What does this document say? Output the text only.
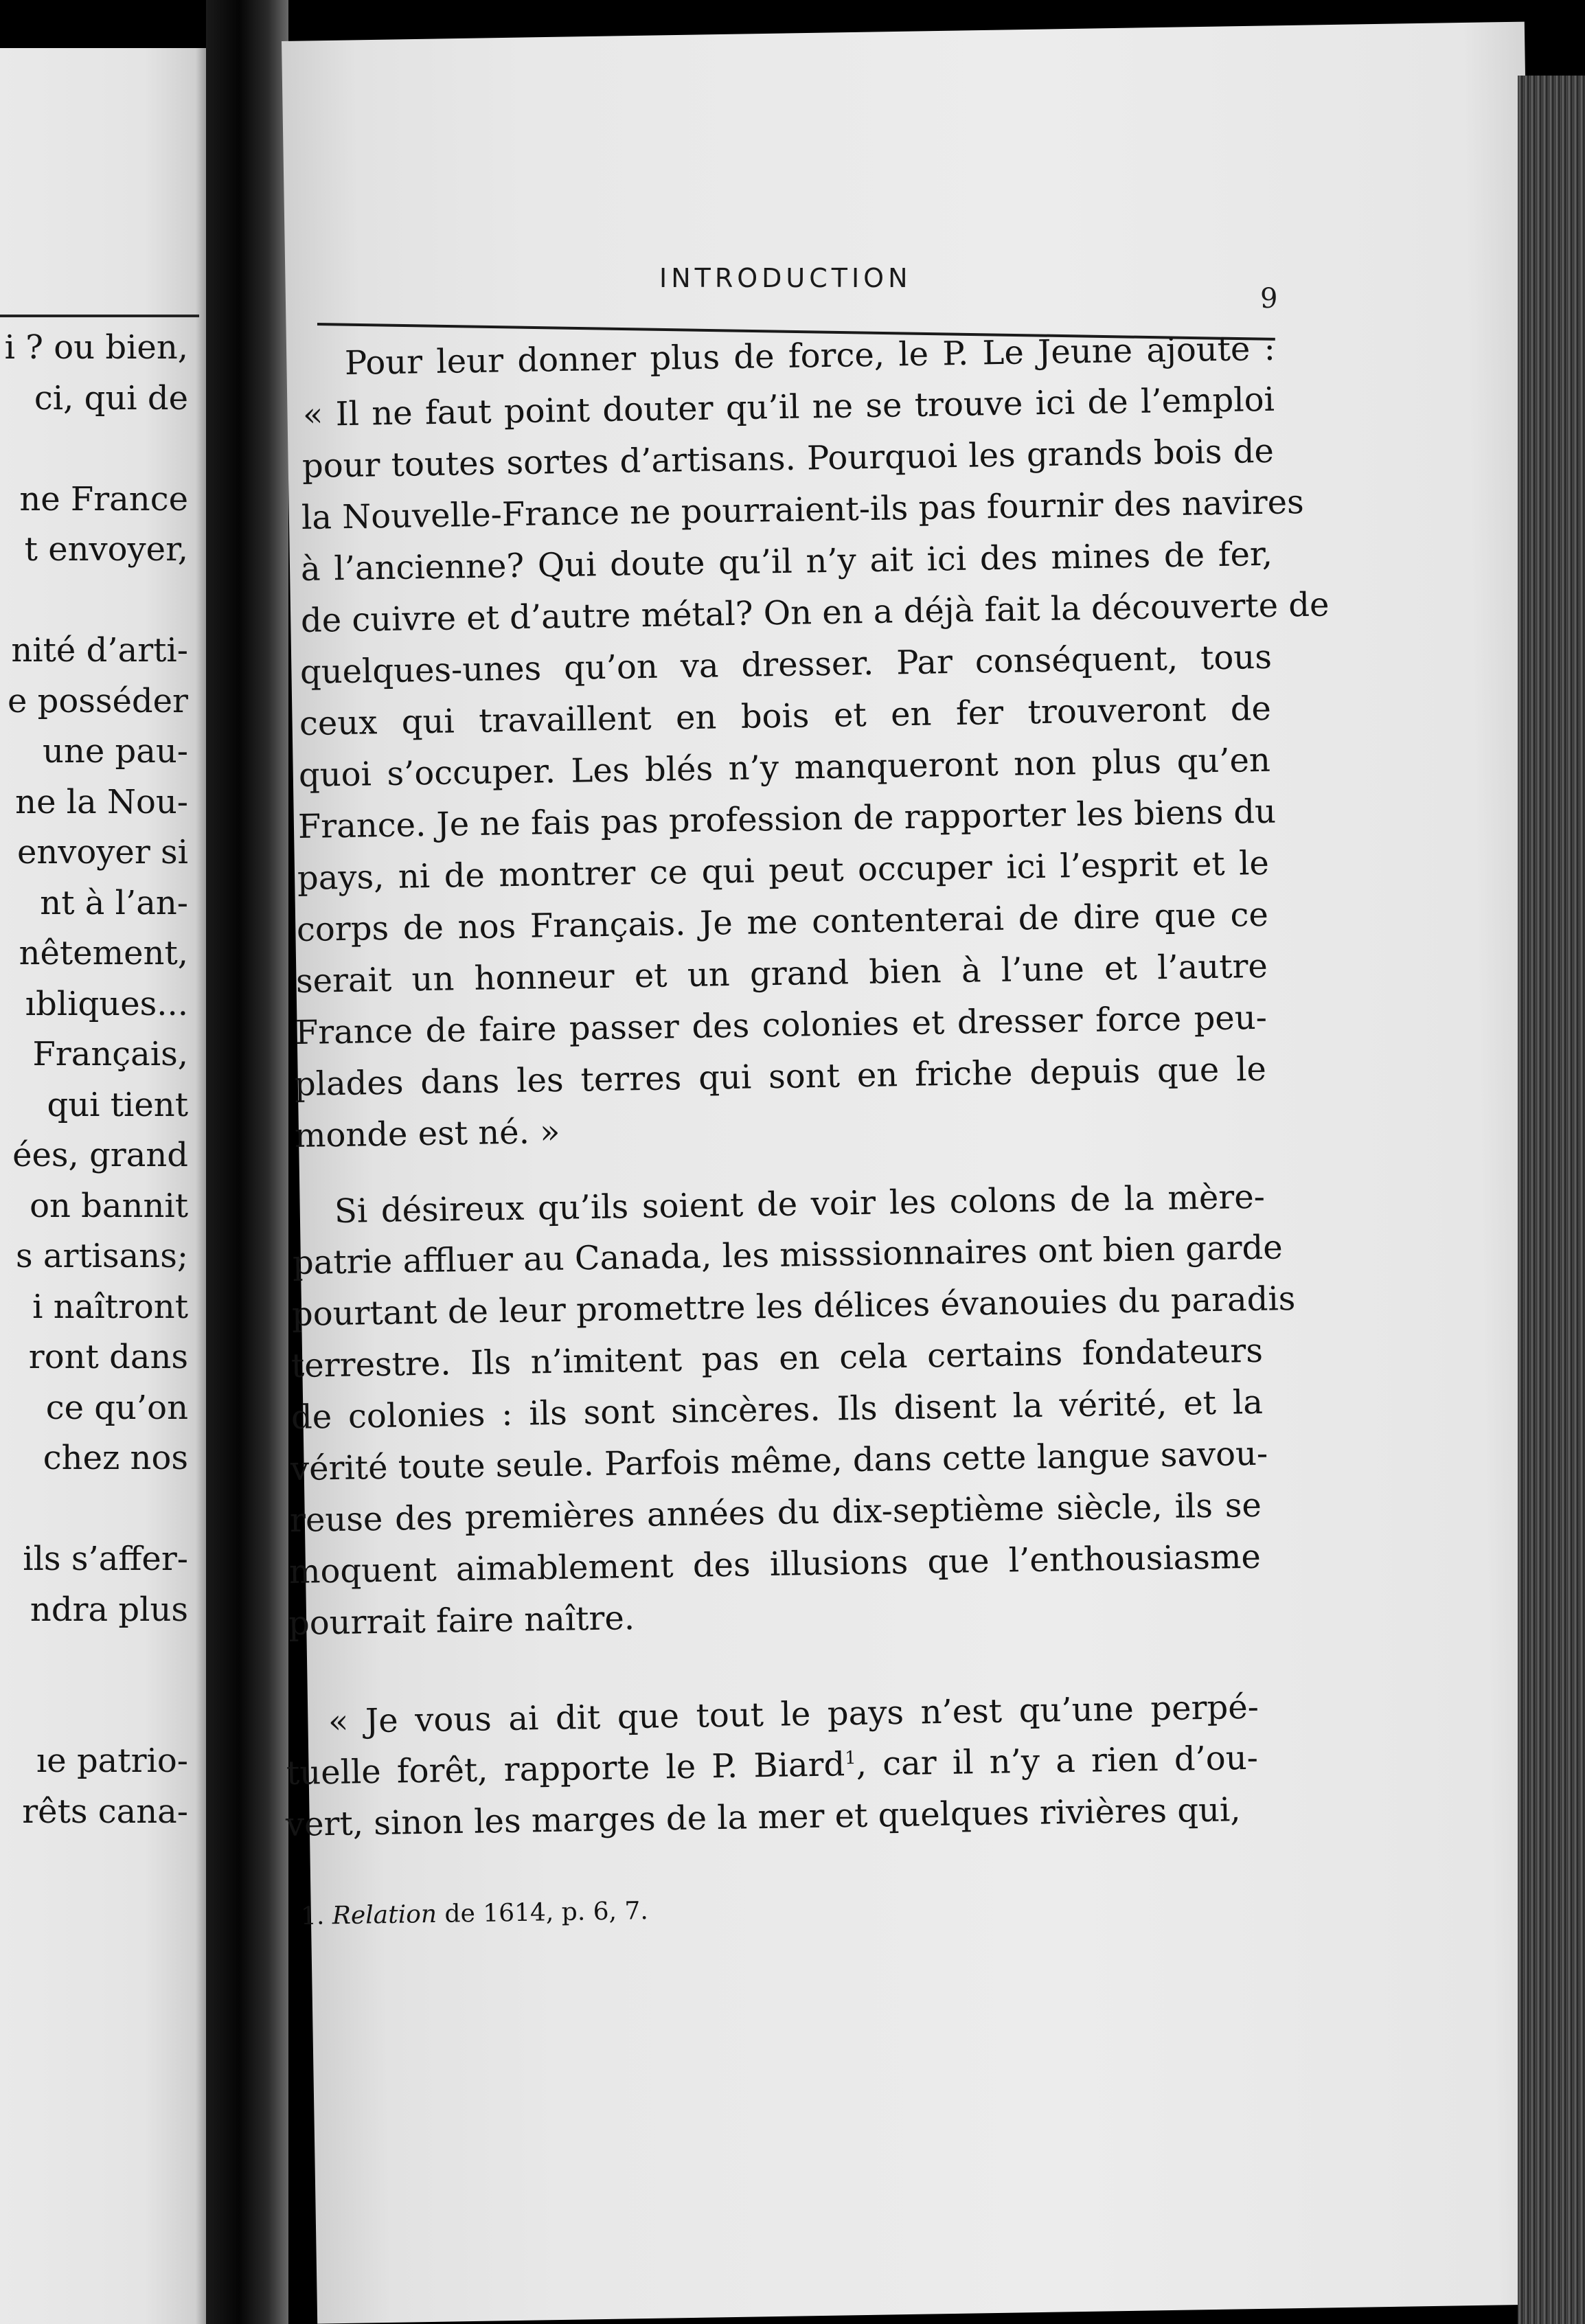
i ? ou bien,
ci, qui de
ne France
t envoyer,
nité d’arti-
e posséder
une pau-
ne la Nou-
envoyer si
nt à l’an-
nêtement,
ıbliques...
Français,
qui tient
ées, grand
on bannit
s artisans;
i naîtront
ront dans
ce qu’on
chez nos
ils s’affer-
ndra plus
ıe patrio-
rêts cana-
INTRODUCTION
9
Pour leur donner plus de force, le P. Le Jeune ajoute :
« Il ne faut point douter qu’il ne se trouve ici de l’emploi
pour toutes sortes d’artisans. Pourquoi les grands bois de
la Nouvelle-France ne pourraient-ils pas fournir des navires
à l’ancienne? Qui doute qu’il n’y ait ici des mines de fer,
de cuivre et d’autre métal? On en a déjà fait la découverte de
quelques-unes qu’on va dresser. Par conséquent, tous
ceux qui travaillent en bois et en fer trouveront de
quoi s’occuper. Les blés n’y manqueront non plus qu’en
France. Je ne fais pas profession de rapporter les biens du
pays, ni de montrer ce qui peut occuper ici l’esprit et le
corps de nos Français. Je me contenterai de dire que ce
serait un honneur et un grand bien à l’une et l’autre
France de faire passer des colonies et dresser force peu-
plades dans les terres qui sont en friche depuis que le
monde est né. »
Si désireux qu’ils soient de voir les colons de la mère-
patrie affluer au Canada, les misssionnaires ont bien garde
pourtant de leur promettre les délices évanouies du paradis
terrestre. Ils n’imitent pas en cela certains fondateurs
de colonies : ils sont sincères. Ils disent la vérité, et la
vérité toute seule. Parfois même, dans cette langue savou-
reuse des premières années du dix-septième siècle, ils se
moquent aimablement des illusions que l’enthousiasme
pourrait faire naître.
« Je vous ai dit que tout le pays n’est qu’une perpé-
tuelle forêt, rapporte le P. Biard$^1$, car il n’y a rien d’ou-
vert, sinon les marges de la mer et quelques rivières qui,
1. Relation de 1614, p. 6, 7.
